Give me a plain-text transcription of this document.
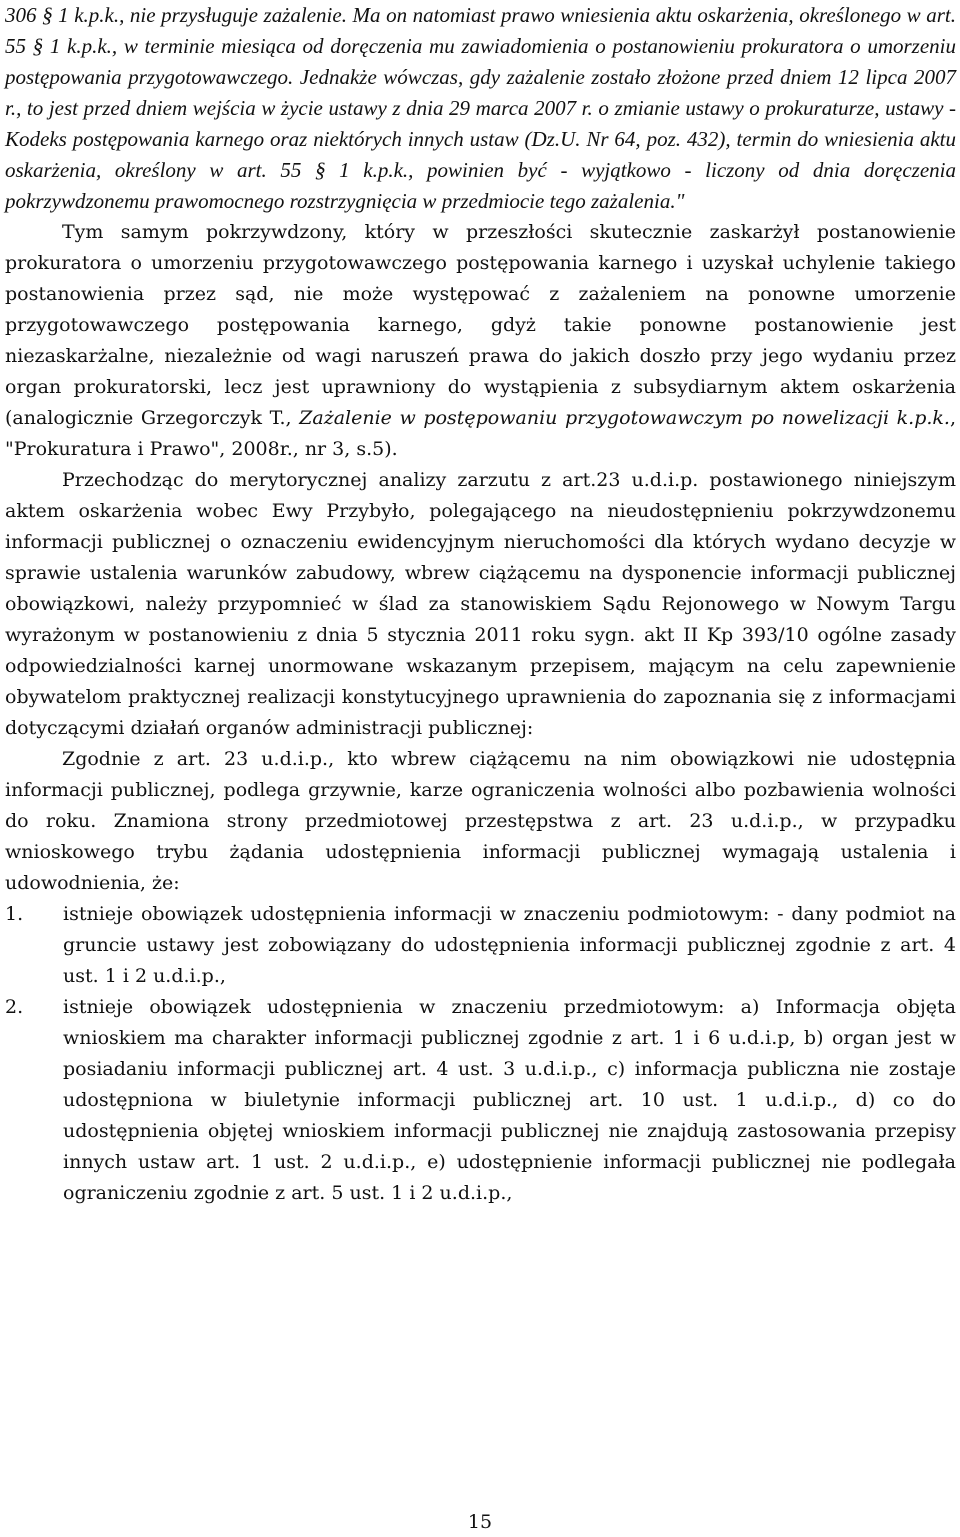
306 § 1 k.p.k., nie przysługuje zażalenie. Ma on natomiast prawo wniesienia aktu oskarżenia, określonego w art. 55 § 1 k.p.k., w terminie miesiąca od doręczenia mu zawiadomienia o postanowieniu prokuratora o umorzeniu postępowania przygotowawczego. Jednakże wówczas, gdy zażalenie zostało złożone przed dniem 12 lipca 2007 r., to jest przed dniem wejścia w życie ustawy z dnia 29 marca 2007 r. o zmianie ustawy o prokuraturze, ustawy - Kodeks postępowania karnego oraz niektórych innych ustaw (Dz.U. Nr 64, poz. 432), termin do wniesienia aktu oskarżenia, określony w art. 55 § 1 k.p.k., powinien być - wyjątkowo - liczony od dnia doręczenia pokrzywdzonemu prawomocnego rozstrzygnięcia w przedmiocie tego zażalenia."

Tym samym pokrzywdzony, który w przeszłości skutecznie zaskarżył postanowienie prokuratora o umorzeniu przygotowawczego postępowania karnego i uzyskał uchylenie takiego postanowienia przez sąd, nie może występować z zażaleniem na ponowne umorzenie przygotowawczego postępowania karnego, gdyż takie ponowne postanowienie jest niezaskarżalne, niezależnie od wagi naruszeń prawa do jakich doszło przy jego wydaniu przez organ prokuratorski, lecz jest uprawniony do wystąpienia z subsydiarnym aktem oskarżenia (analogicznie Grzegorczyk T., Zażalenie w postępowaniu przygotowawczym po nowelizacji k.p.k., "Prokuratura i Prawo", 2008r., nr 3, s.5).

Przechodząc do merytorycznej analizy zarzutu z art.23 u.d.i.p. postawionego niniejszym aktem oskarżenia wobec Ewy Przybyło, polegającego na nieudostępnieniu pokrzywdzonemu informacji publicznej o oznaczeniu ewidencyjnym nieruchomości dla których wydano decyzje w sprawie ustalenia warunków zabudowy, wbrew ciążącemu na dysponencie informacji publicznej obowiązkowi, należy przypomnieć w ślad za stanowiskiem Sądu Rejonowego w Nowym Targu wyrażonym w postanowieniu z dnia 5 stycznia 2011 roku sygn. akt II Kp 393/10 ogólne zasady odpowiedzialności karnej unormowane wskazanym przepisem, mającym na celu zapewnienie obywatelom praktycznej realizacji konstytucyjnego uprawnienia do zapoznania się z informacjami dotyczącymi działań organów administracji publicznej:

Zgodnie z art. 23 u.d.i.p., kto wbrew ciążącemu na nim obowiązkowi nie udostępnia informacji publicznej, podlega grzywnie, karze ograniczenia wolności albo pozbawienia wolności do roku. Znamiona strony przedmiotowej przestępstwa z art. 23 u.d.i.p., w przypadku wnioskowego trybu żądania udostępnienia informacji publicznej wymagają ustalenia i udowodnienia, że:

1.	istnieje obowiązek udostępnienia informacji w znaczeniu podmiotowym: - dany podmiot na gruncie ustawy jest zobowiązany do udostępnienia informacji publicznej zgodnie z art. 4 ust. 1 i 2 u.d.i.p.,
2.	istnieje obowiązek udostępnienia w znaczeniu przedmiotowym: a) Informacja objęta wnioskiem ma charakter informacji publicznej zgodnie z art. 1 i 6 u.d.i.p, b) organ jest w posiadaniu informacji publicznej art. 4 ust. 3 u.d.i.p., c) informacja publiczna nie zostaje udostępniona w biuletynie informacji publicznej art. 10 ust. 1 u.d.i.p., d) co do udostępnienia objętej wnioskiem informacji publicznej nie znajdują zastosowania przepisy innych ustaw art. 1 ust. 2 u.d.i.p., e) udostępnienie informacji publicznej nie podlegała ograniczeniu zgodnie z art. 5 ust. 1 i 2 u.d.i.p.,
15
